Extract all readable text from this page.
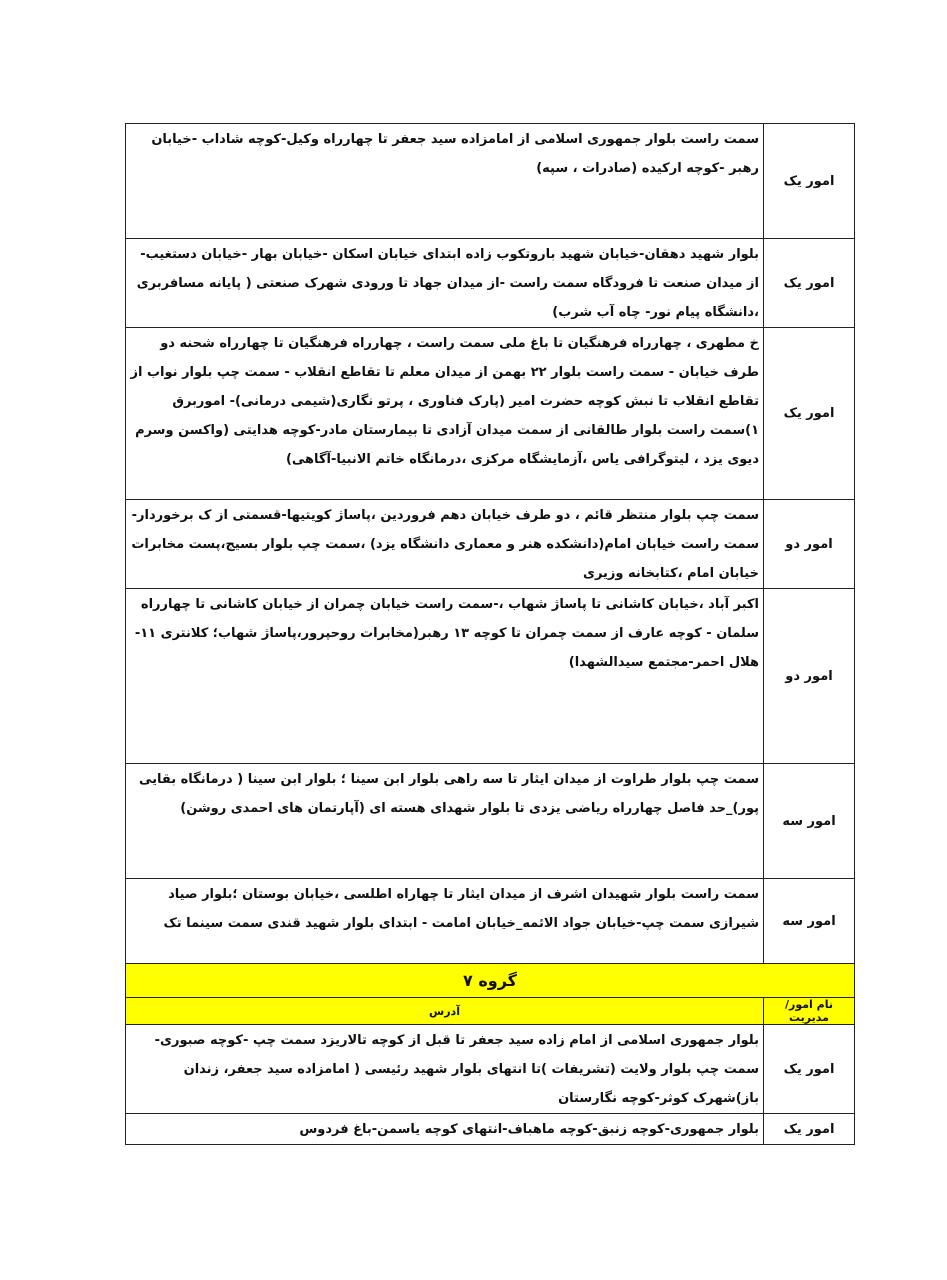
امور یک	سمت راست بلوار جمهوری اسلامی از امامزاده سید جعفر تا چهارراه وکیل-کوچه شاداب -خیابان رهبر -کوچه ارکیده (صادرات ، سپه)
امور یک	بلوار شهید دهقان-خیابان شهید باروتکوب زاده ابتدای خیابان اسکان -خیابان بهار -خیابان دستغیب-از میدان صنعت تا فرودگاه سمت راست -از میدان جهاد تا ورودی شهرک صنعتی ( پایانه مسافربری ،دانشگاه پیام نور- چاه آب شرب)
امور یک	خ مطهری ، چهارراه فرهنگیان تا باغ ملی سمت راست ، چهارراه فرهنگیان تا چهارراه شحنه دو طرف خیابان - سمت راست بلوار ۲۲ بهمن از میدان معلم تا تقاطع انقلاب - سمت چپ بلوار نواب از تقاطع انقلاب تا نبش کوچه حضرت امیر (پارک فناوری ، پرتو نگاری(شیمی درمانی)- اموربرق ۱)سمت راست بلوار طالقانی از سمت میدان آزادی تا بیمارستان مادر-کوچه هدایتی (واکسن وسرم دیوی یزد ، لیتوگرافی یاس ،آزمایشگاه مرکزی ،درمانگاه خاتم الانبیا-آگاهی)
امور دو	سمت چپ بلوار منتظر قائم ، دو طرف خیابان دهم فروردین ،پاساژ کویتیها-قسمتی از ک برخوردار-سمت راست خیابان امام(دانشکده هنر و معماری دانشگاه یزد) ،سمت چپ بلوار بسیج،پست مخابرات خیابان امام ،کتابخانه وزیری
امور دو	اکبر آباد ،خیابان کاشانی تا پاساژ شهاب ،-سمت راست خیابان چمران از خیابان کاشانی تا چهارراه سلمان - کوچه عارف از سمت چمران تا کوچه ۱۳ رهبر(مخابرات روحپرور،پاساژ شهاب؛ کلانتری ۱۱-هلال احمر-مجتمع سیدالشهدا)
امور سه	سمت چپ بلوار طراوت از میدان ایثار تا سه راهی بلوار ابن سینا ؛ بلوار ابن سینا ( درمانگاه بقایی پور)_حد فاصل چهارراه ریاضی یزدی تا بلوار شهدای هسته ای (آپارتمان های احمدی روشن)
امور سه	سمت راست بلوار شهیدان اشرف از میدان ایثار تا چهاراه اطلسی ،خیابان بوستان ؛بلوار صیاد شیرازی سمت چپ-خیابان جواد الائمه_خیابان امامت - ابتدای بلوار شهید قندی سمت سینما تک
گروه ۷	
نام امور/مدیریت	آدرس
امور یک	بلوار جمهوری اسلامی از امام زاده سید جعفر تا قبل از کوچه تالاریزد سمت چپ -کوچه صبوری-سمت چپ بلوار ولایت (تشریفات )تا انتهای بلوار شهید رئیسی ( امامزاده سید جعفر، زندان باز)شهرک کوثر-کوچه نگارستان
امور یک	بلوار جمهوری-کوچه زنبق-کوچه ماهباف-انتهای کوچه یاسمن-باغ فردوس
